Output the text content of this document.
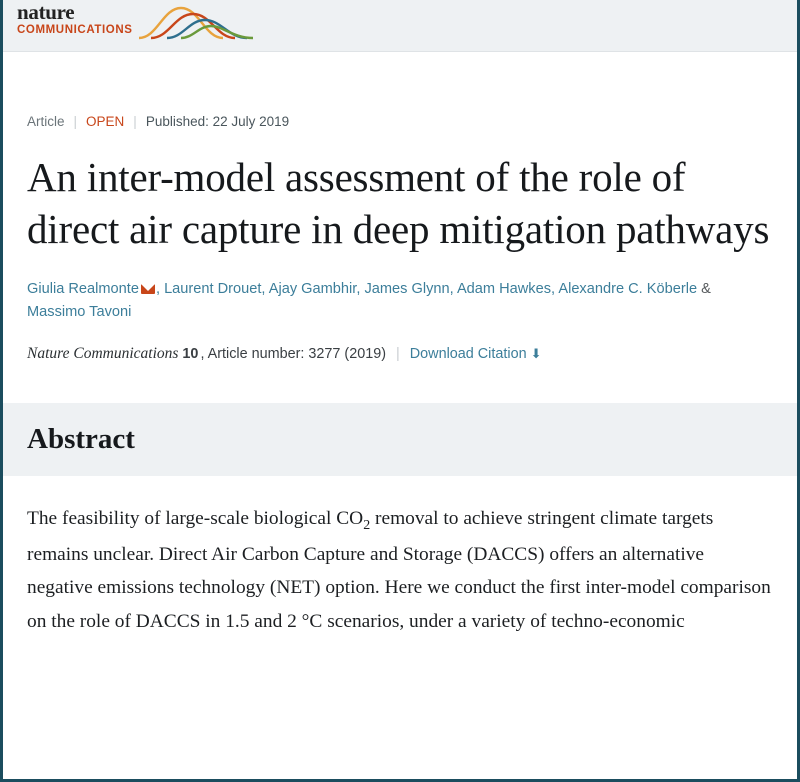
nature
COMMUNICATIONS
Article | OPEN | Published: 22 July 2019
An inter-model assessment of the role of direct air capture in deep mitigation pathways
Giulia Realmonte , Laurent Drouet, Ajay Gambhir, James Glynn, Adam Hawkes, Alexandre C. Köberle & Massimo Tavoni
Nature Communications 10 , Article number: 3277 (2019) | Download Citation ⬇
Abstract
The feasibility of large-scale biological $CO_2$ removal to achieve stringent climate targets remains unclear. Direct Air Carbon Capture and Storage (DACCS) offers an alternative negative emissions technology (NET) option. Here we conduct the first inter-model comparison on the role of DACCS in 1.5 and 2 °C scenarios, under a variety of techno-economic
